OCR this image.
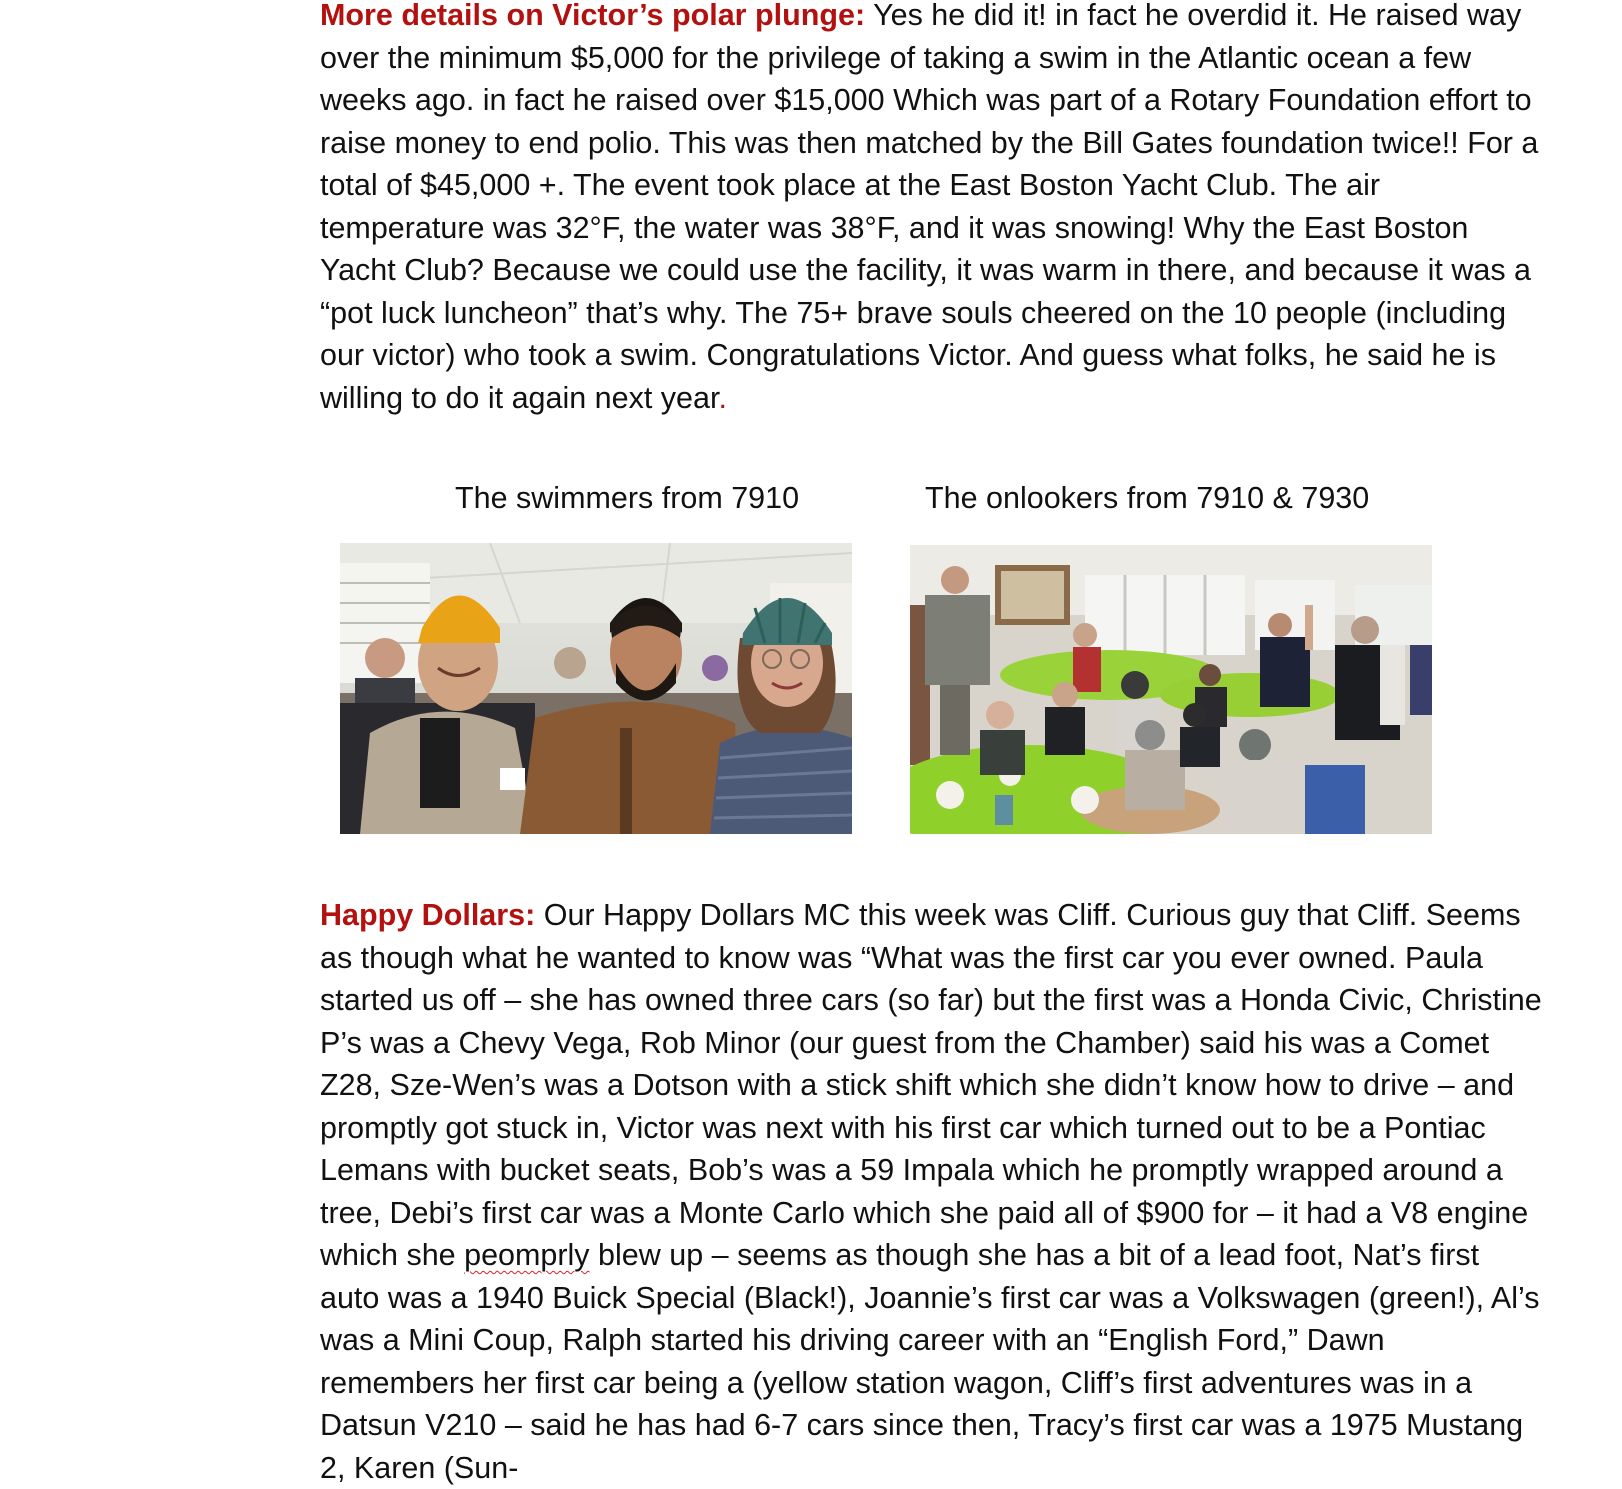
More details on Victor’s polar plunge: Yes he did it! in fact he overdid it. He raised way over the minimum $5,000 for the privilege of taking a swim in the Atlantic ocean a few weeks ago. in fact he raised over $15,000 Which was part of a Rotary Foundation effort to raise money to end polio. This was then matched by the Bill Gates foundation twice!! For a total of $45,000 +. The event took place at the East Boston Yacht Club. The air temperature was 32°F, the water was 38°F, and it was snowing! Why the East Boston Yacht Club? Because we could use the facility, it was warm in there, and because it was a “pot luck luncheon” that’s why. The 75+ brave souls cheered on the 10 people (including our victor) who took a swim. Congratulations Victor. And guess what folks, he said he is willing to do it again next year.

The swimmers from 7910	The onlookers from 7910 & 7930

Happy Dollars: Our Happy Dollars MC this week was Cliff. Curious guy that Cliff. Seems as though what he wanted to know was “What was the first car you ever owned. Paula started us off – she has owned three cars (so far) but the first was a Honda Civic, Christine P’s was a Chevy Vega, Rob Minor (our guest from the Chamber) said his was a Comet Z28, Sze-Wen’s was a Dotson with a stick shift which she didn’t know how to drive – and promptly got stuck in, Victor was next with his first car which turned out to be a Pontiac Lemans with bucket seats, Bob’s was a 59 Impala which he promptly wrapped around a tree, Debi’s first car was a Monte Carlo which she paid all of $900 for – it had a V8 engine which she peomprly blew up – seems as though she has a bit of a lead foot, Nat’s first auto was a 1940 Buick Special (Black!), Joannie’s first car was a Volkswagen (green!), Al’s was a Mini Coup, Ralph started his driving career with an “English Ford,” Dawn remembers her first car being a (yellow station wagon, Cliff’s first adventures was in a Datsun V210 – said he has had 6-7 cars since then, Tracy’s first car was a 1975 Mustang 2, Karen (Sun-
